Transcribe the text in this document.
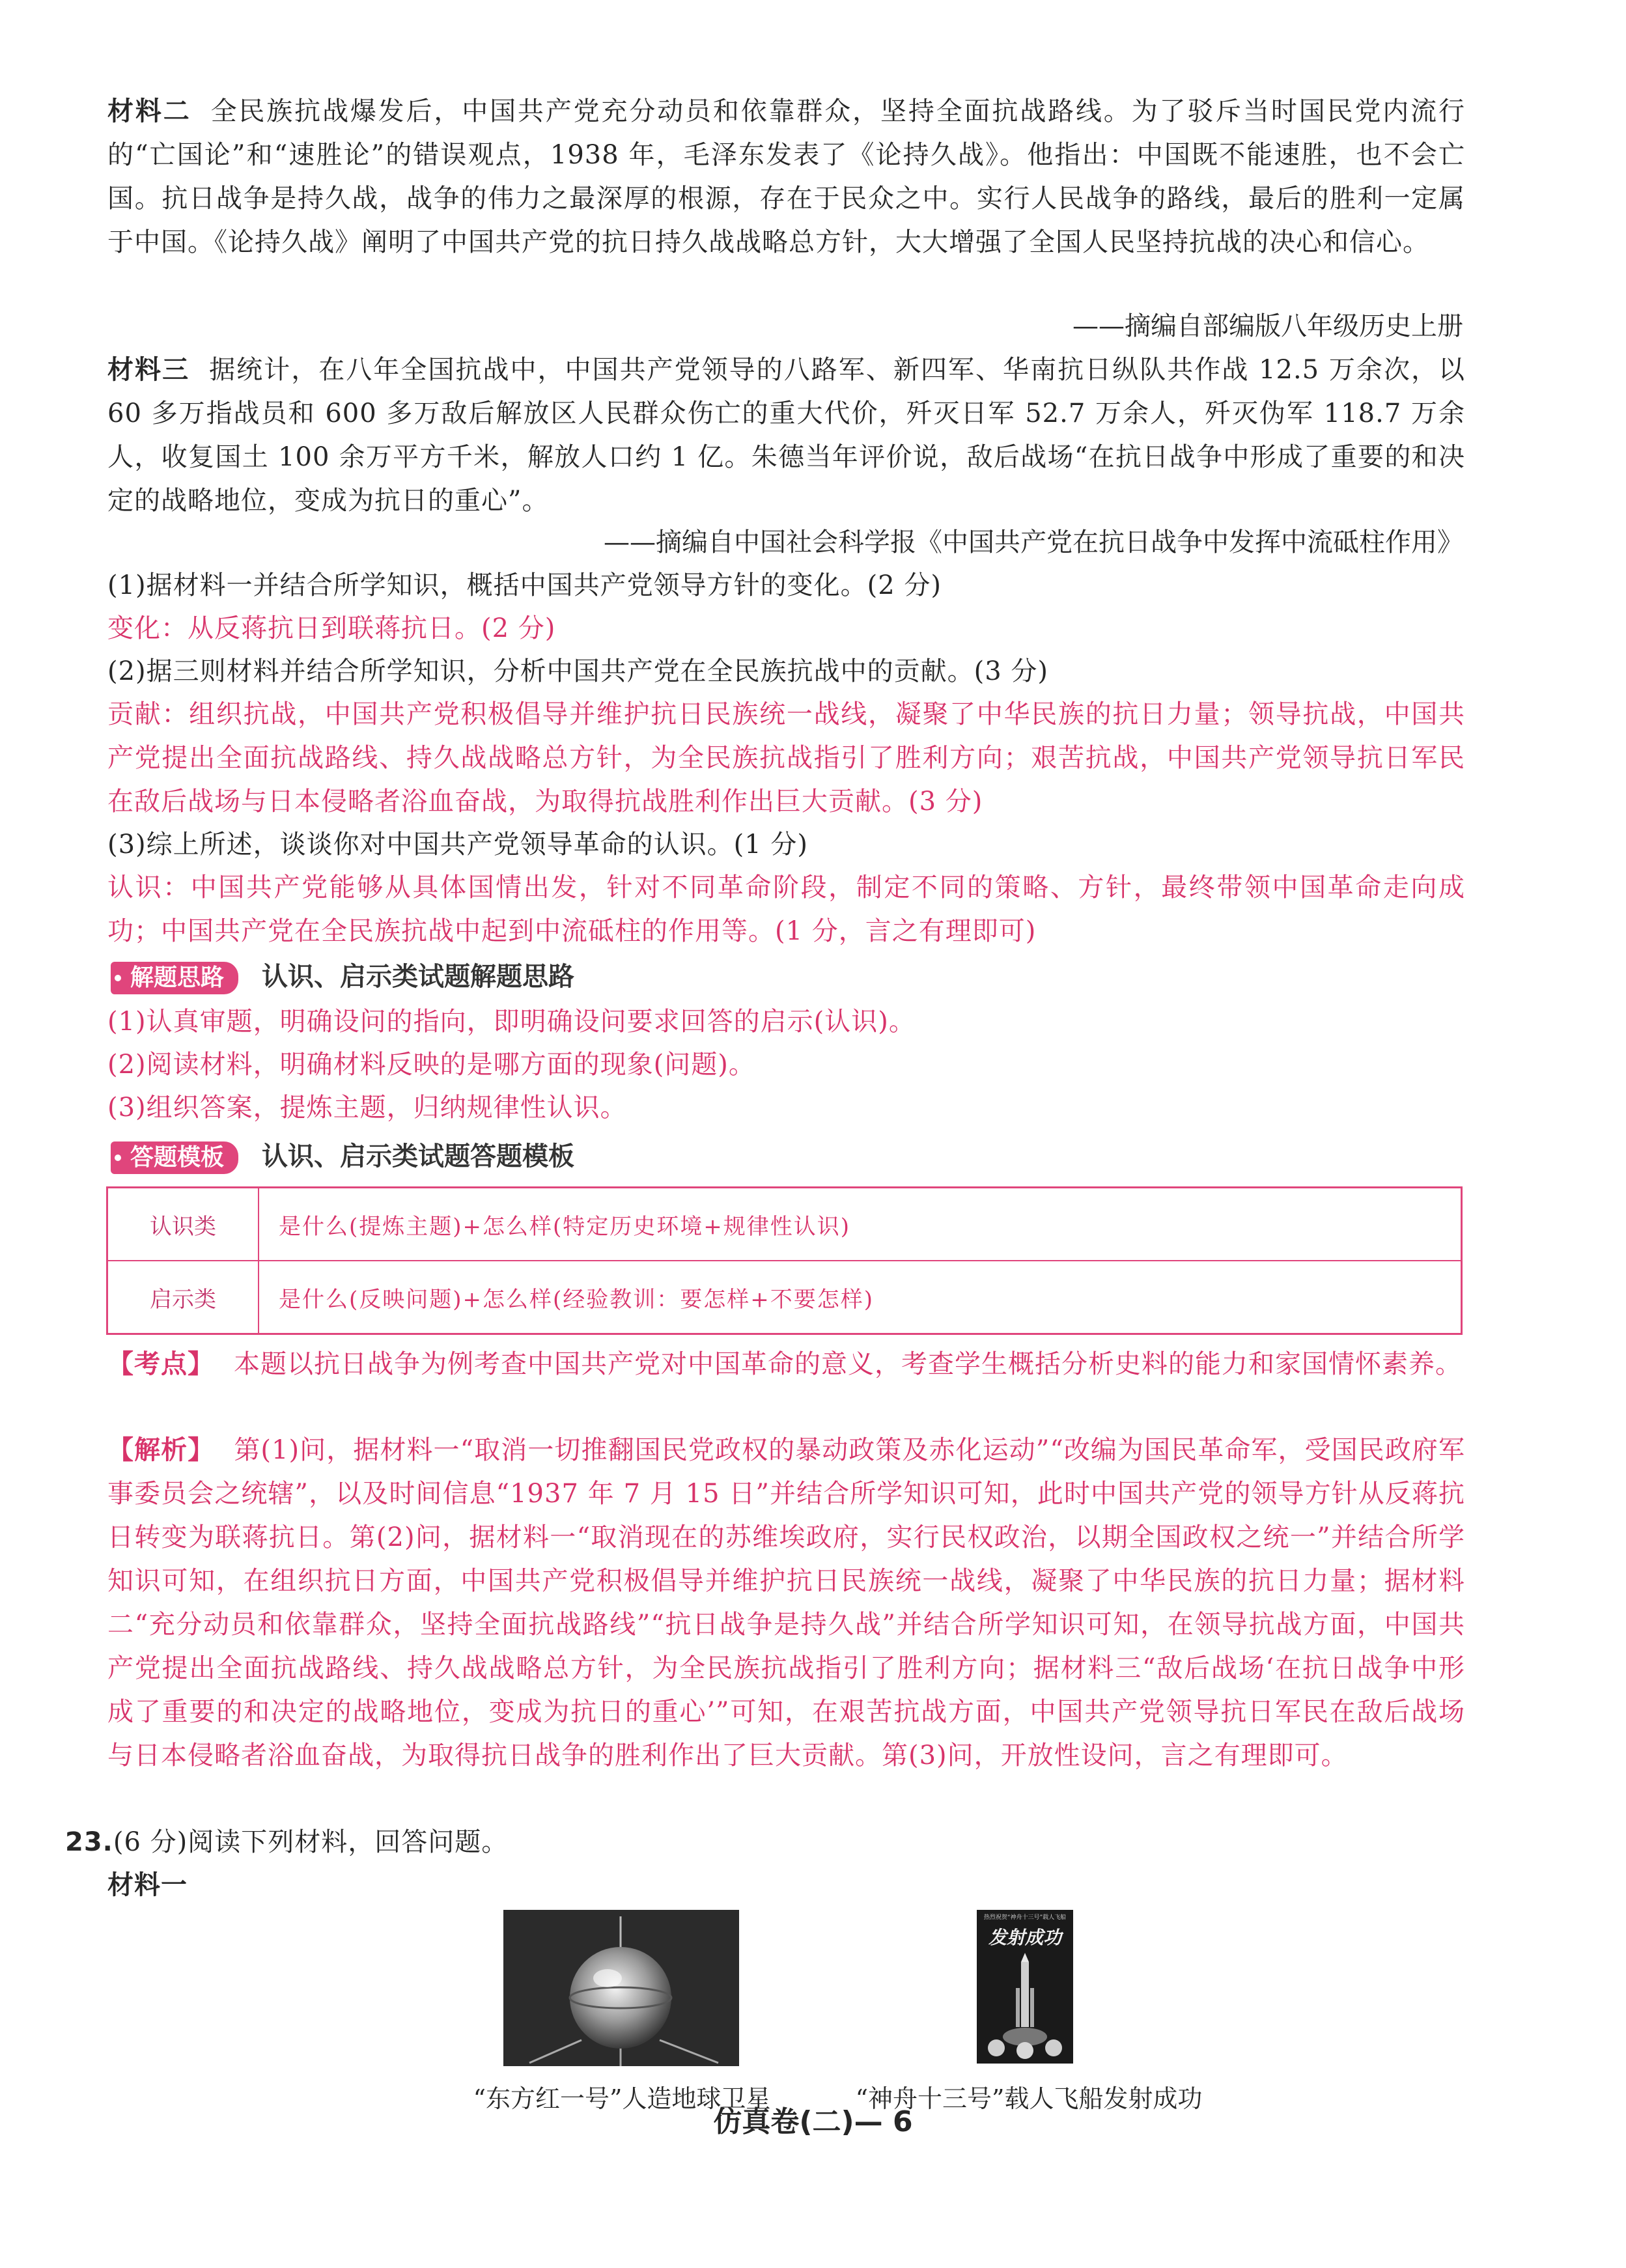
材料二 全民族抗战爆发后，中国共产党充分动员和依靠群众，坚持全面抗战路线。为了驳斥当时国民党内流行的“亡国论”和“速胜论”的错误观点，1938 年，毛泽东发表了《论持久战》。他指出：中国既不能速胜，也不会亡国。抗日战争是持久战，战争的伟力之最深厚的根源，存在于民众之中。实行人民战争的路线，最后的胜利一定属于中国。《论持久战》阐明了中国共产党的抗日持久战战略总方针，大大增强了全国人民坚持抗战的决心和信心。
——摘编自部编版八年级历史上册
材料三 据统计，在八年全国抗战中，中国共产党领导的八路军、新四军、华南抗日纵队共作战 12.5 万余次，以 60 多万指战员和 600 多万敌后解放区人民群众伤亡的重大代价，歼灭日军 52.7 万余人，歼灭伪军 118.7 万余人，收复国土 100 余万平方千米，解放人口约 1 亿。朱德当年评价说，敌后战场“在抗日战争中形成了重要的和决定的战略地位，变成为抗日的重心”。
——摘编自中国社会科学报《中国共产党在抗日战争中发挥中流砥柱作用》
(1)据材料一并结合所学知识，概括中国共产党领导方针的变化。(2 分)
变化：从反蒋抗日到联蒋抗日。(2 分)
(2)据三则材料并结合所学知识，分析中国共产党在全民族抗战中的贡献。(3 分)
贡献：组织抗战，中国共产党积极倡导并维护抗日民族统一战线，凝聚了中华民族的抗日力量；领导抗战，中国共产党提出全面抗战路线、持久战战略总方针，为全民族抗战指引了胜利方向；艰苦抗战，中国共产党领导抗日军民在敌后战场与日本侵略者浴血奋战，为取得抗战胜利作出巨大贡献。(3 分)
(3)综上所述，谈谈你对中国共产党领导革命的认识。(1 分)
认识：中国共产党能够从具体国情出发，针对不同革命阶段，制定不同的策略、方针，最终带领中国革命走向成功；中国共产党在全民族抗战中起到中流砥柱的作用等。(1 分，言之有理即可)
解题思路 认识、启示类试题解题思路
(1)认真审题，明确设问的指向，即明确设问要求回答的启示(认识)。
(2)阅读材料，明确材料反映的是哪方面的现象(问题)。
(3)组织答案，提炼主题，归纳规律性认识。
答题模板 认识、启示类试题答题模板
认识类	是什么(提炼主题)+怎么样(特定历史环境+规律性认识)
启示类	是什么(反映问题)+怎么样(经验教训：要怎样+不要怎样)
【考点】 本题以抗日战争为例考查中国共产党对中国革命的意义，考查学生概括分析史料的能力和家国情怀素养。
【解析】 第(1)问，据材料一“取消一切推翻国民党政权的暴动政策及赤化运动”“改编为国民革命军，受国民政府军事委员会之统辖”，以及时间信息“1937 年 7 月 15 日”并结合所学知识可知，此时中国共产党的领导方针从反蒋抗日转变为联蒋抗日。第(2)问，据材料一“取消现在的苏维埃政府，实行民权政治，以期全国政权之统一”并结合所学知识可知，在组织抗日方面，中国共产党积极倡导并维护抗日民族统一战线，凝聚了中华民族的抗日力量；据材料二“充分动员和依靠群众，坚持全面抗战路线”“抗日战争是持久战”并结合所学知识可知，在领导抗战方面，中国共产党提出全面抗战路线、持久战战略总方针，为全民族抗战指引了胜利方向；据材料三“敌后战场‘在抗日战争中形成了重要的和决定的战略地位，变成为抗日的重心’”可知，在艰苦抗战方面，中国共产党领导抗日军民在敌后战场与日本侵略者浴血奋战，为取得抗日战争的胜利作出了巨大贡献。第(3)问，开放性设问，言之有理即可。
23.(6 分)阅读下列材料，回答问题。
材料一
“东方红一号”人造地球卫星
热烈祝贺“神舟十三号”载人飞船
发射成功
“神舟十三号”载人飞船发射成功
仿真卷(二)— 6
